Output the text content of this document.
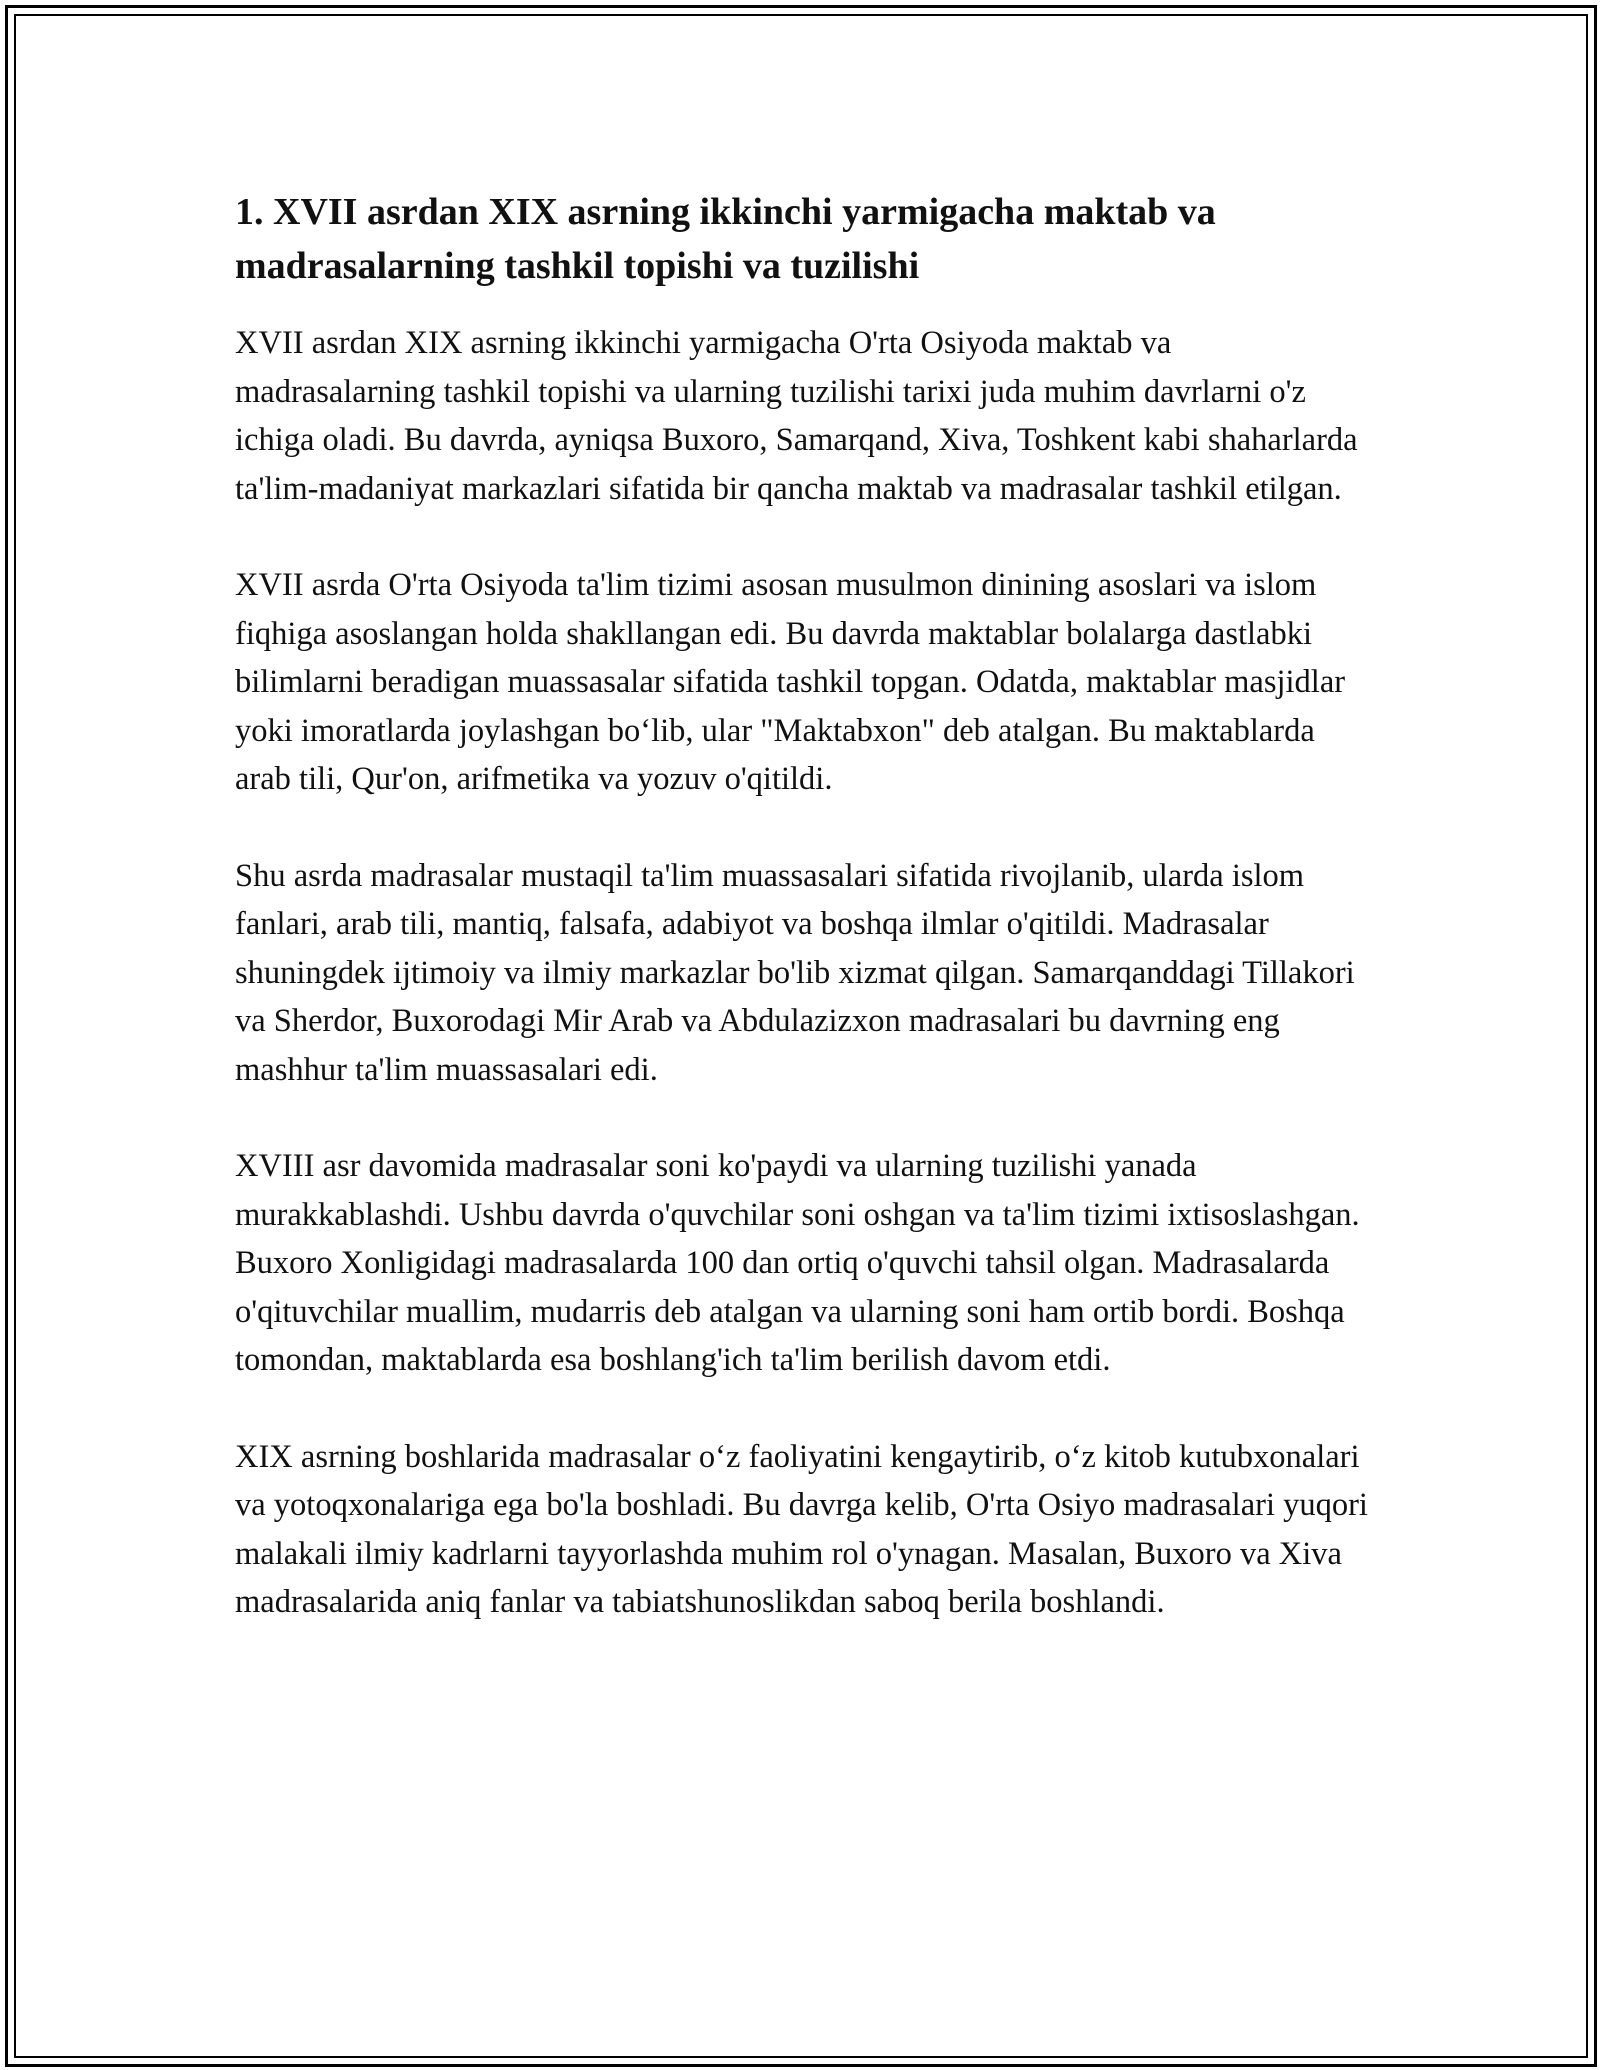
1. XVII asrdan XIX asrning ikkinchi yarmigacha maktab va madrasalarning tashkil topishi va tuzilishi

XVII asrdan XIX asrning ikkinchi yarmigacha O'rta Osiyoda maktab va madrasalarning tashkil topishi va ularning tuzilishi tarixi juda muhim davrlarni o'z ichiga oladi. Bu davrda, ayniqsa Buxoro, Samarqand, Xiva, Toshkent kabi shaharlarda ta'lim-madaniyat markazlari sifatida bir qancha maktab va madrasalar tashkil etilgan.

XVII asrda O'rta Osiyoda ta'lim tizimi asosan musulmon dinining asoslari va islom fiqhiga asoslangan holda shakllangan edi. Bu davrda maktablar bolalarga dastlabki bilimlarni beradigan muassasalar sifatida tashkil topgan. Odatda, maktablar masjidlar yoki imoratlarda joylashgan bo‘lib, ular "Maktabxon" deb atalgan. Bu maktablarda arab tili, Qur'on, arifmetika va yozuv o'qitildi.

Shu asrda madrasalar mustaqil ta'lim muassasalari sifatida rivojlanib, ularda islom fanlari, arab tili, mantiq, falsafa, adabiyot va boshqa ilmlar o'qitildi. Madrasalar shuningdek ijtimoiy va ilmiy markazlar bo'lib xizmat qilgan. Samarqanddagi Tillakori va Sherdor, Buxorodagi Mir Arab va Abdulazizxon madrasalari bu davrning eng mashhur ta'lim muassasalari edi.

XVIII asr davomida madrasalar soni ko'paydi va ularning tuzilishi yanada murakkablashdi. Ushbu davrda o'quvchilar soni oshgan va ta'lim tizimi ixtisoslashgan. Buxoro Xonligidagi madrasalarda 100 dan ortiq o'quvchi tahsil olgan. Madrasalarda o'qituvchilar muallim, mudarris deb atalgan va ularning soni ham ortib bordi. Boshqa tomondan, maktablarda esa boshlang'ich ta'lim berilish davom etdi.

XIX asrning boshlarida madrasalar o‘z faoliyatini kengaytirib, o‘z kitob kutubxonalari va yotoqxonalariga ega bo'la boshladi. Bu davrga kelib, O'rta Osiyo madrasalari yuqori malakali ilmiy kadrlarni tayyorlashda muhim rol o'ynagan. Masalan, Buxoro va Xiva madrasalarida aniq fanlar va tabiatshunoslikdan saboq berila boshlandi.
